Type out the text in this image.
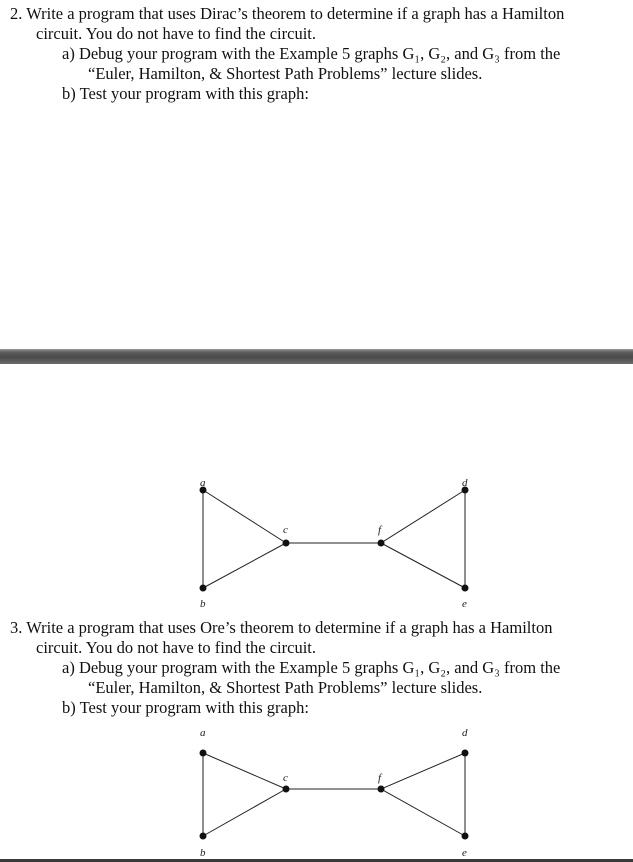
2. Write a program that uses Dirac’s theorem to determine if a graph has a Hamilton
circuit. You do not have to find the circuit.
a) Debug your program with the Example 5 graphs G₁, G₂, and G₃ from the
“Euler, Hamilton, & Shortest Path Problems” lecture slides.
b) Test your program with this graph:
a
b
c
d
e
f
3. Write a program that uses Ore’s theorem to determine if a graph has a Hamilton
circuit. You do not have to find the circuit.
a) Debug your program with the Example 5 graphs G₁, G₂, and G₃ from the
“Euler, Hamilton, & Shortest Path Problems” lecture slides.
b) Test your program with this graph:
a
b
c
d
e
f
